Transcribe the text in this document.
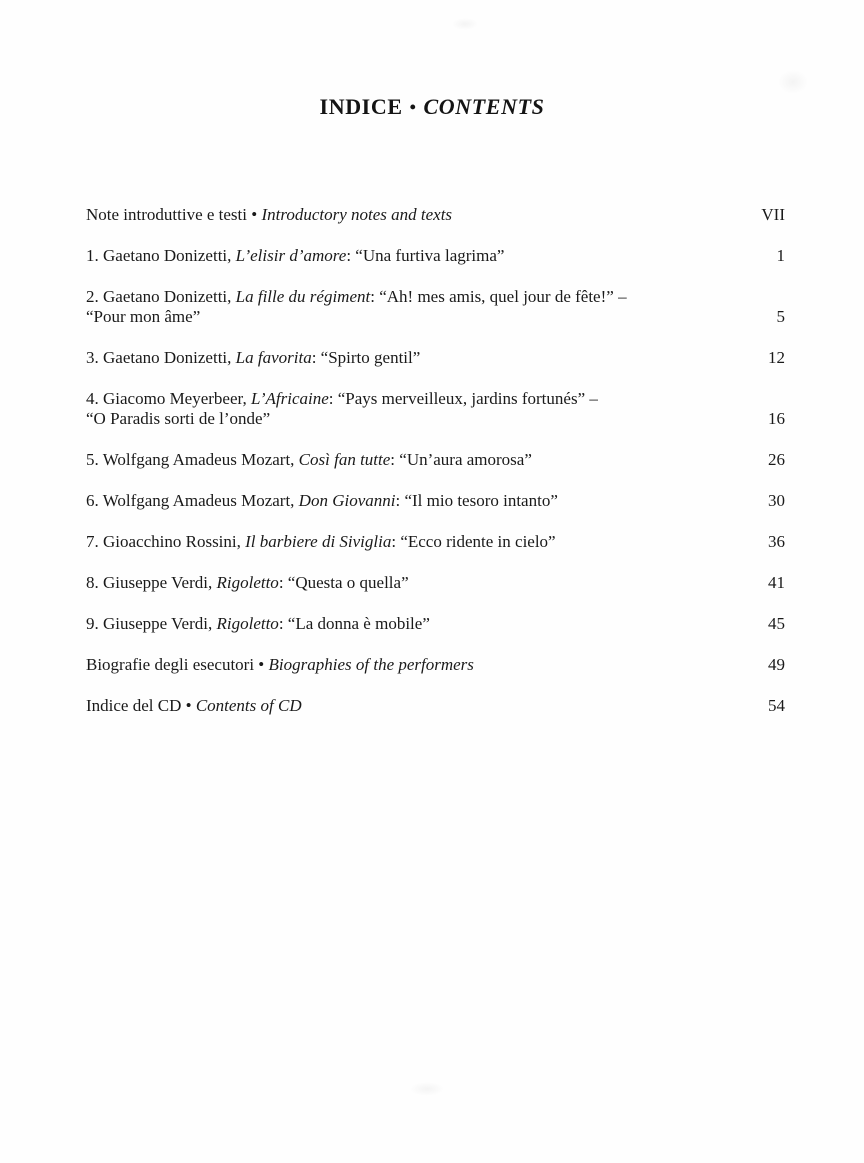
INDICE • CONTENTS
Note introduttive e testi • Introductory notes and texts	VII
1. Gaetano Donizetti, L’elisir d’amore: “Una furtiva lagrima”	1
2. Gaetano Donizetti, La fille du régiment: “Ah! mes amis, quel jour de fête!” –
“Pour mon âme”	5
3. Gaetano Donizetti, La favorita: “Spirto gentil”	12
4. Giacomo Meyerbeer, L’Africaine: “Pays merveilleux, jardins fortunés” –
“O Paradis sorti de l’onde”	16
5. Wolfgang Amadeus Mozart, Così fan tutte: “Un’aura amorosa”	26
6. Wolfgang Amadeus Mozart, Don Giovanni: “Il mio tesoro intanto”	30
7. Gioacchino Rossini, Il barbiere di Siviglia: “Ecco ridente in cielo”	36
8. Giuseppe Verdi, Rigoletto: “Questa o quella”	41
9. Giuseppe Verdi, Rigoletto: “La donna è mobile”	45
Biografie degli esecutori • Biographies of the performers	49
Indice del CD • Contents of CD	54
